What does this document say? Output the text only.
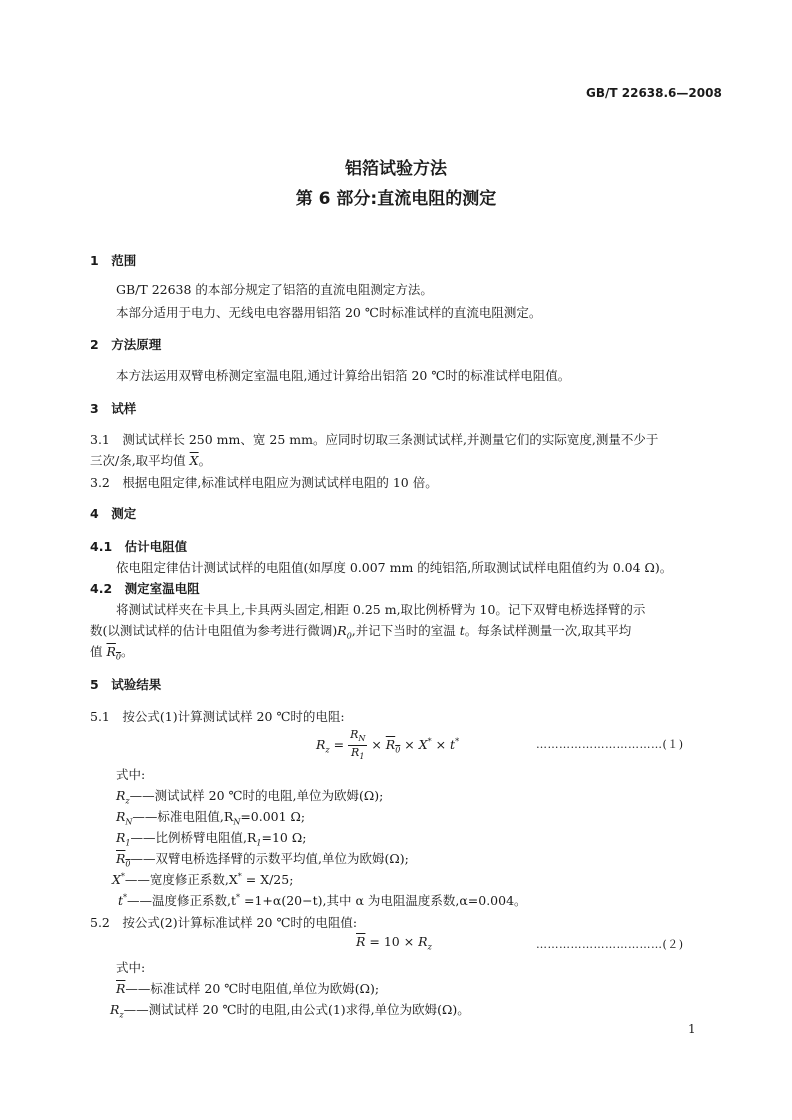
GB/T 22638.6—2008
铝箔试验方法
第 6 部分:直流电阻的测定
1　范围
GB/T 22638 的本部分规定了铝箔的直流电阻测定方法。
本部分适用于电力、无线电电容器用铝箔 20 ℃时标准试样的直流电阻测定。
2　方法原理
本方法运用双臂电桥测定室温电阻,通过计算给出铝箔 20 ℃时的标准试样电阻值。
3　试样
3.1　测试试样长 250 mm、宽 25 mm。应同时切取三条测试试样,并测量它们的实际宽度,测量不少于
三次/条,取平均值 $\overline{X}$。
3.2　根据电阻定律,标准试样电阻应为测试试样电阻的 10 倍。
4　测定
4.1　估计电阻值
依电阻定律估计测试试样的电阻值(如厚度 0.007 mm 的纯铝箔,所取测试试样电阻值约为 0.04 Ω)。
4.2　测定室温电阻
将测试试样夹在卡具上,卡具两头固定,相距 0.25 m,取比例桥臂为 10。记下双臂电桥选择臂的示
数(以测试试样的估计电阻值为参考进行微调)$R_0$,并记下当时的室温 t。每条试样测量一次,取其平均
值 $R_0$。
5　试验结果
5.1　按公式(1)计算测试试样 20 ℃时的电阻:
$R_z = \frac{R_N}{R_1} \times R_0 \times X^* \times t^*$	……………………………(１)
式中:
$R_z——$测试试样 20 ℃时的电阻,单位为欧姆(Ω);
$R_N——$标准电阻值$,R_N=0.001$ Ω;
$R_1——$比例桥臂电阻值$,R_1=10$ Ω;
$R_0——$双臂电桥选择臂的示数平均值,单位为欧姆(Ω);
X*——宽度修正系数,X* = X/25;
t*——温度修正系数,t* =1+α(20−t),其中 α 为电阻温度系数,α=0.004。
5.2　按公式(2)计算标准试样 20 ℃时的电阻值:
$\overline{R} = 10 \times R_z$	……………………………(２)
式中:
$\overline{R}——$标准试样 20 ℃时电阻值,单位为欧姆(Ω);
$R_z——$测试试样 20 ℃时的电阻,由公式(1)求得,单位为欧姆(Ω)。
1
